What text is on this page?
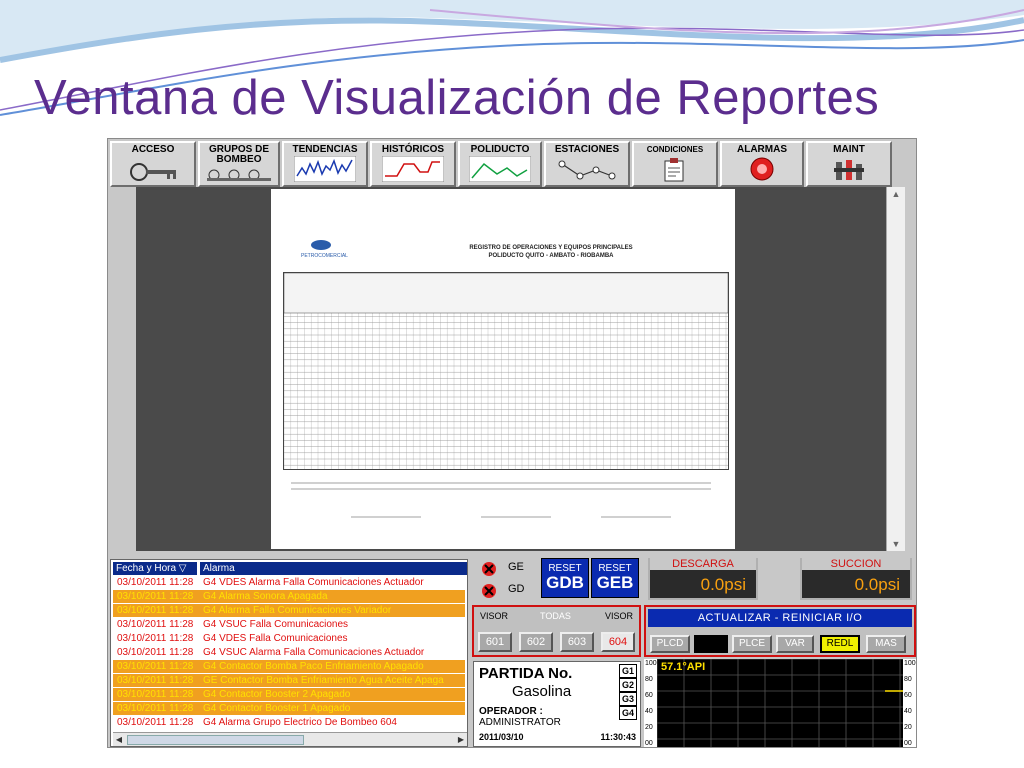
Ventana de Visualización de Reportes
ACCESO	GRUPOS DE BOMBEO
TENDENCIAS	HISTÓRICOS	POLIDUCTO	ESTACIONES	CONDICIONES	ALARMAS	MAINT
PETROCOMERCIAL
REGISTRO DE OPERACIONES Y EQUIPOS PRINCIPALES
POLIDUCTO QUITO - AMBATO - RIOBAMBA
▲
▼
Fecha y Hora ▽	Alarma
03/10/2011 11:28 G4 VDES Alarma Falla Comunicaciones Actuador
03/10/2011 11:28 G4 Alarma Sonora Apagada
03/10/2011 11:28 G4 Alarma Falla Comunicaciones Variador
03/10/2011 11:28 G4 VSUC Falla Comunicaciones
03/10/2011 11:28 G4 VDES Falla Comunicaciones
03/10/2011 11:28 G4 VSUC Alarma Falla Comunicaciones Actuador
03/10/2011 11:28 G4 Contactor Bomba Paco Enfriamiento Apagado
03/10/2011 11:28 GE Contactor Bomba Enfriamiento Agua Aceite Apaga
03/10/2011 11:28 G4 Contactor Booster 2 Apagado
03/10/2011 11:28 G4 Contactor Booster 1 Apagado
03/10/2011 11:28 G4 Alarma Grupo Electrico De Bombeo 604
◀	▶
GE
GD
RESET
GDB
RESET
GEB
DESCARGA
0.0psi
SUCCION
0.0psi
VISOR	TODAS	VISOR
601	602	603	604
ACTUALIZAR - REINICIAR I/O
PLCD	PLCE	VAR	REDL	MAS
PARTIDA No.
Gasolina
OPERADOR :
ADMINISTRATOR
2011/03/10	11:30:43
G1
G2
G3
G4
100
80
60
40
20
00
57.1°API	100
80
60
40
20
00
